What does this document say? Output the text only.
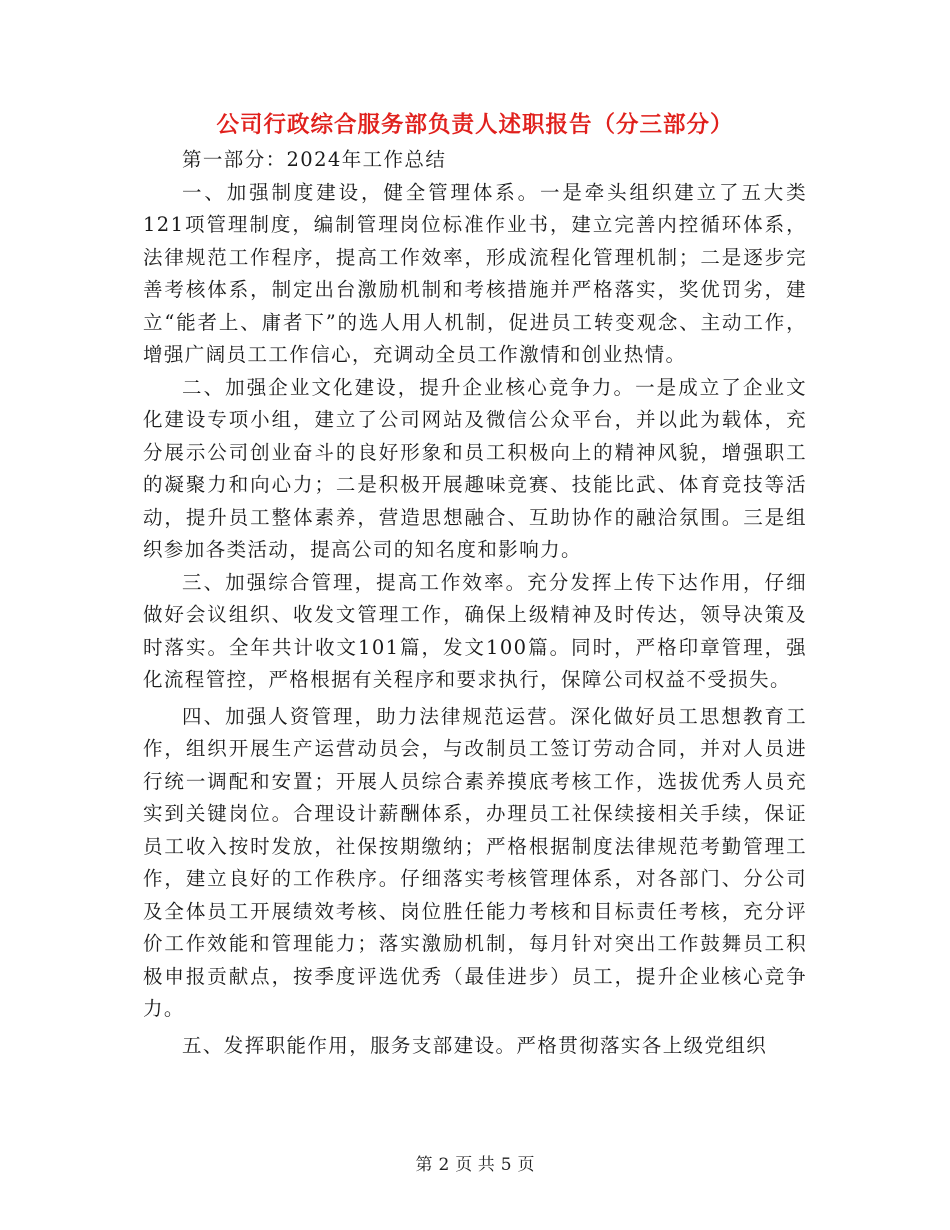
公司行政综合服务部负责人述职报告（分三部分）

第一部分：2024年工作总结

一、加强制度建设，健全管理体系。一是牵头组织建立了五大类121项管理制度，编制管理岗位标准作业书，建立完善内控循环体系，法律规范工作程序，提高工作效率，形成流程化管理机制；二是逐步完善考核体系，制定出台激励机制和考核措施并严格落实，奖优罚劣，建立“能者上、庸者下”的选人用人机制，促进员工转变观念、主动工作，增强广阔员工工作信心，充调动全员工作激情和创业热情。

二、加强企业文化建设，提升企业核心竞争力。一是成立了企业文化建设专项小组，建立了公司网站及微信公众平台，并以此为载体，充分展示公司创业奋斗的良好形象和员工积极向上的精神风貌，增强职工的凝聚力和向心力；二是积极开展趣味竞赛、技能比武、体育竞技等活动，提升员工整体素养，营造思想融合、互助协作的融洽氛围。三是组织参加各类活动，提高公司的知名度和影响力。

三、加强综合管理，提高工作效率。充分发挥上传下达作用，仔细做好会议组织、收发文管理工作，确保上级精神及时传达，领导决策及时落实。全年共计收文101篇，发文100篇。同时，严格印章管理，强化流程管控，严格根据有关程序和要求执行，保障公司权益不受损失。

四、加强人资管理，助力法律规范运营。深化做好员工思想教育工作，组织开展生产运营动员会，与改制员工签订劳动合同，并对人员进行统一调配和安置；开展人员综合素养摸底考核工作，选拔优秀人员充实到关键岗位。合理设计薪酬体系，办理员工社保续接相关手续，保证员工收入按时发放，社保按期缴纳；严格根据制度法律规范考勤管理工作，建立良好的工作秩序。仔细落实考核管理体系，对各部门、分公司及全体员工开展绩效考核、岗位胜任能力考核和目标责任考核，充分评价工作效能和管理能力；落实激励机制，每月针对突出工作鼓舞员工积极申报贡献点，按季度评选优秀（最佳进步）员工，提升企业核心竞争力。

五、发挥职能作用，服务支部建设。严格贯彻落实各上级党组织

第 2 页 共 5 页
